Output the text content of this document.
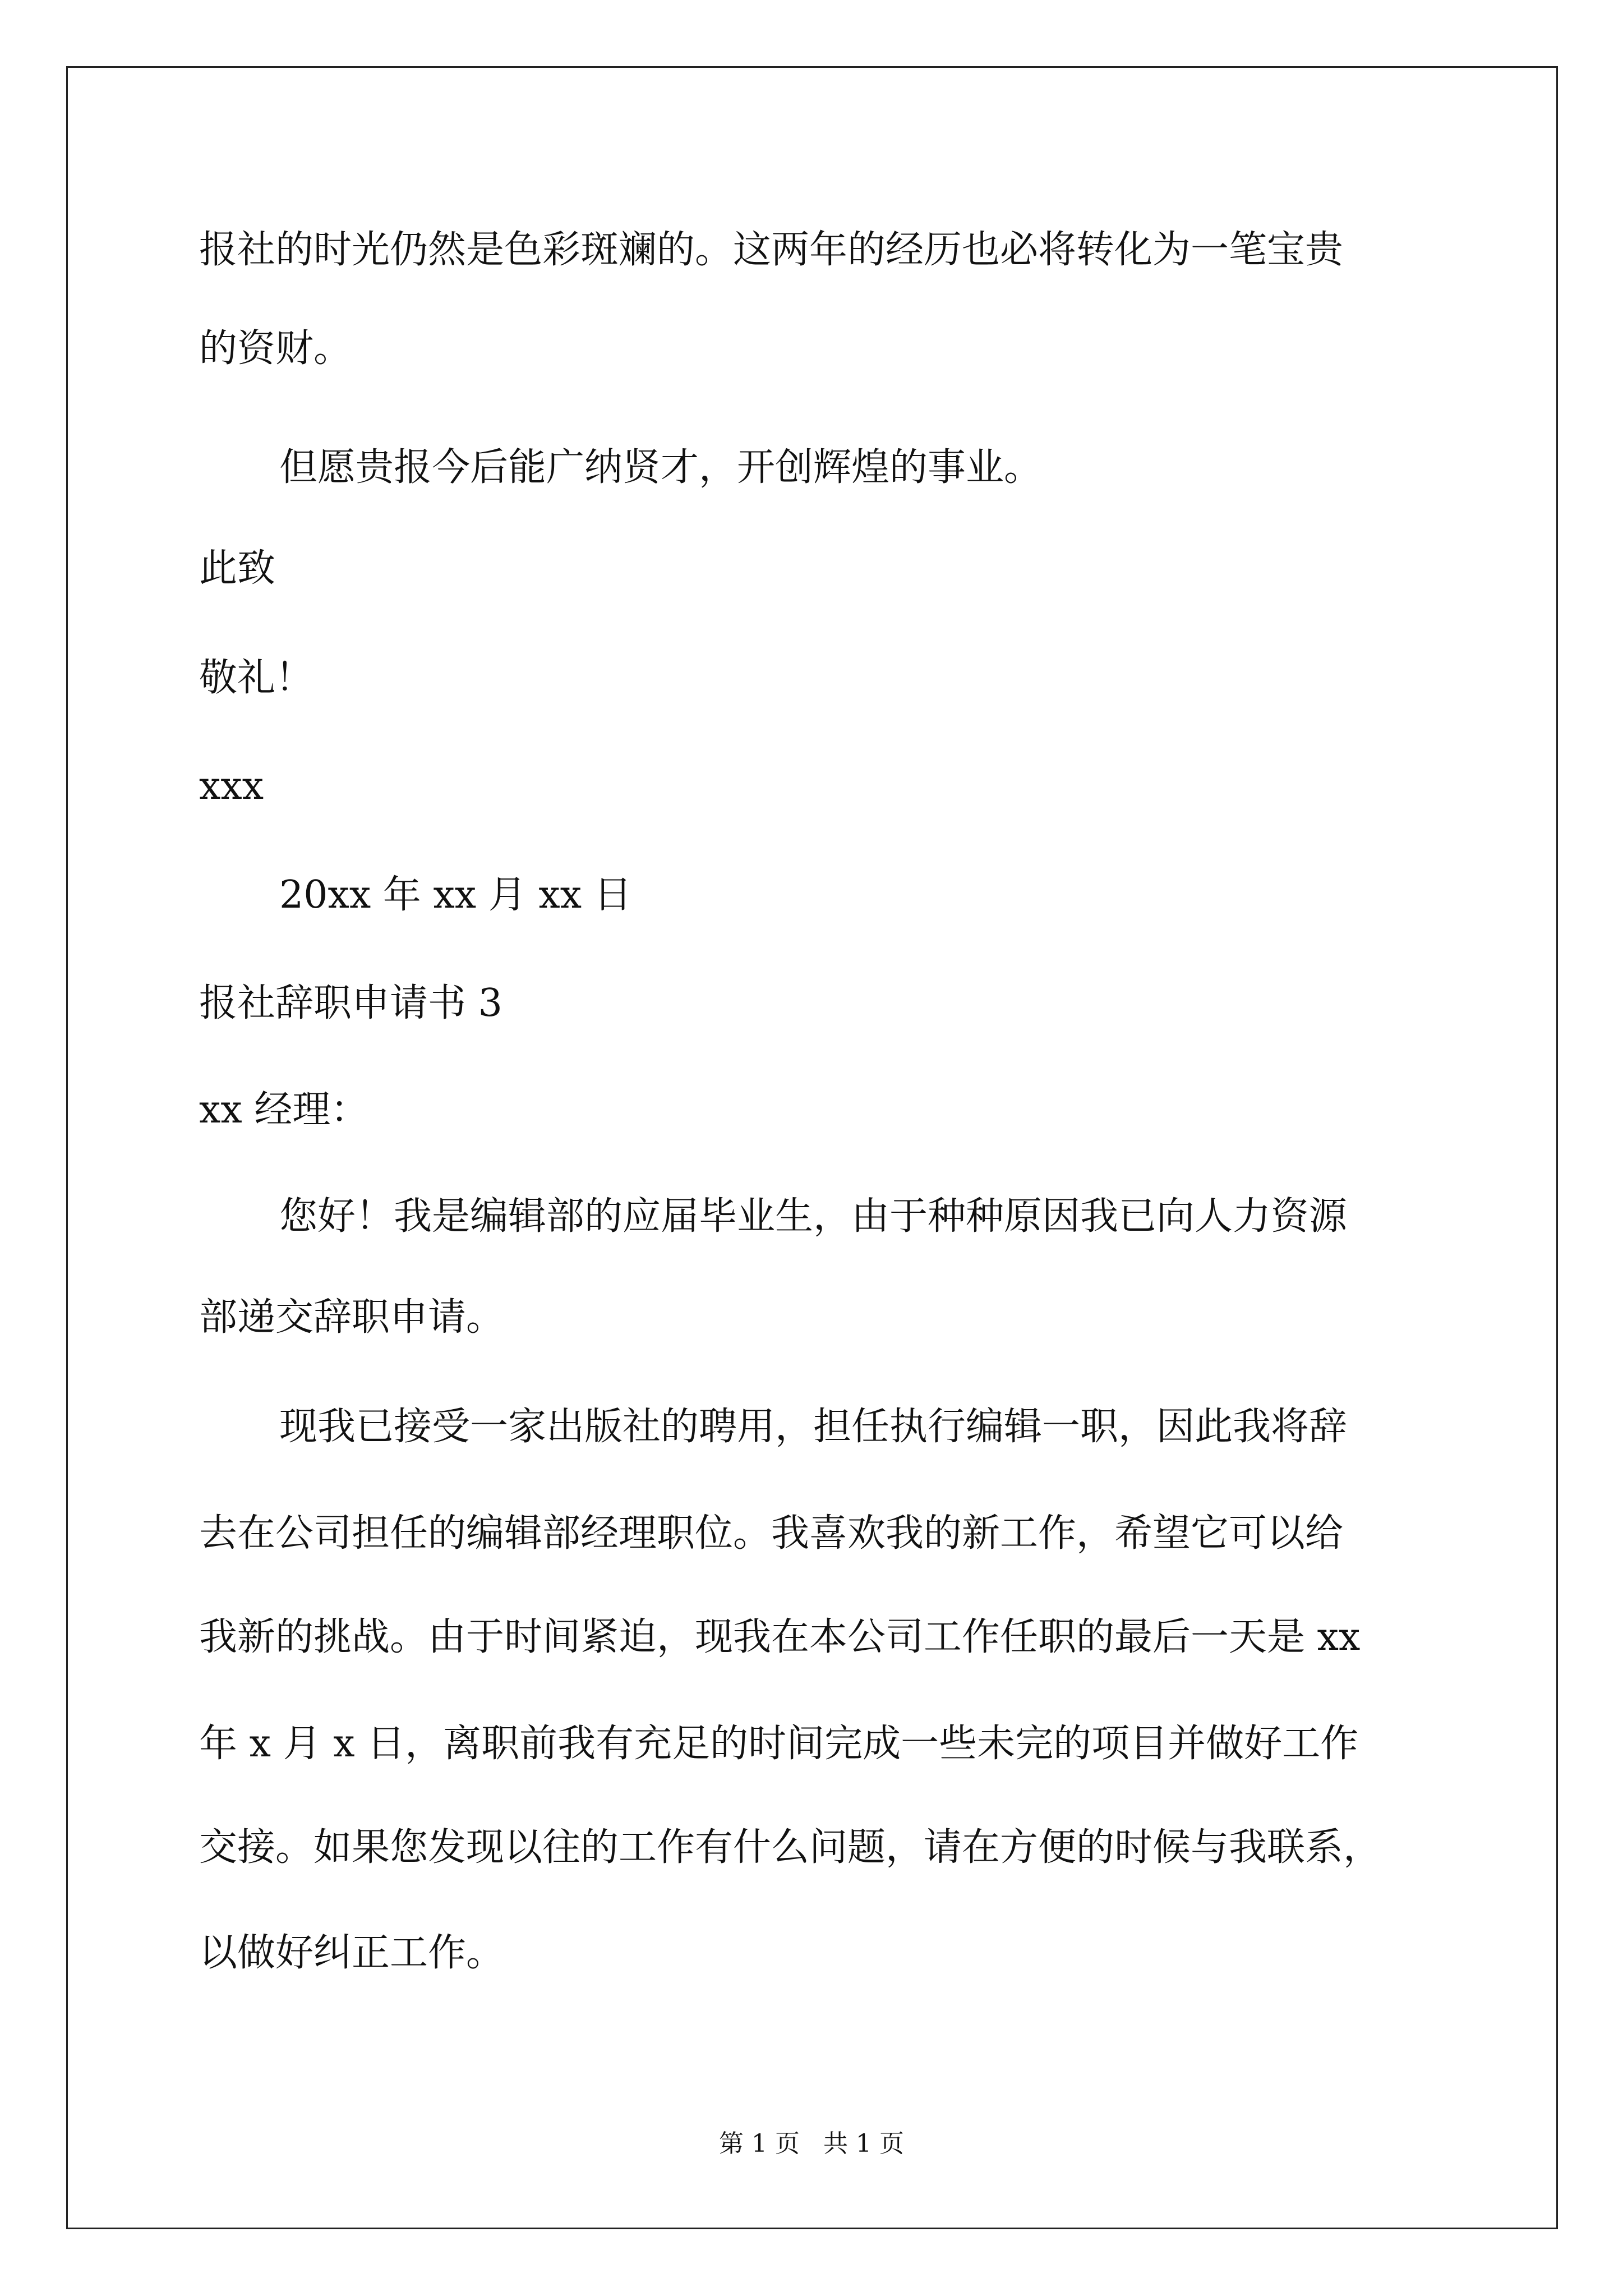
报社的时光仍然是色彩斑斓的。这两年的经历也必将转化为一笔宝贵
的资财。
但愿贵报今后能广纳贤才，开创辉煌的事业。
此致
敬礼！
xxx
20xx 年 xx 月 xx 日
报社辞职申请书 3
xx 经理：
您好！我是编辑部的应届毕业生，由于种种原因我已向人力资源
部递交辞职申请。
现我已接受一家出版社的聘用，担任执行编辑一职，因此我将辞
去在公司担任的编辑部经理职位。我喜欢我的新工作，希望它可以给
我新的挑战。由于时间紧迫，现我在本公司工作任职的最后一天是 xx
年 x 月 x 日，离职前我有充足的时间完成一些未完的项目并做好工作
交接。如果您发现以往的工作有什么问题，请在方便的时候与我联系，
以做好纠正工作。
第 1 页   共 1 页
